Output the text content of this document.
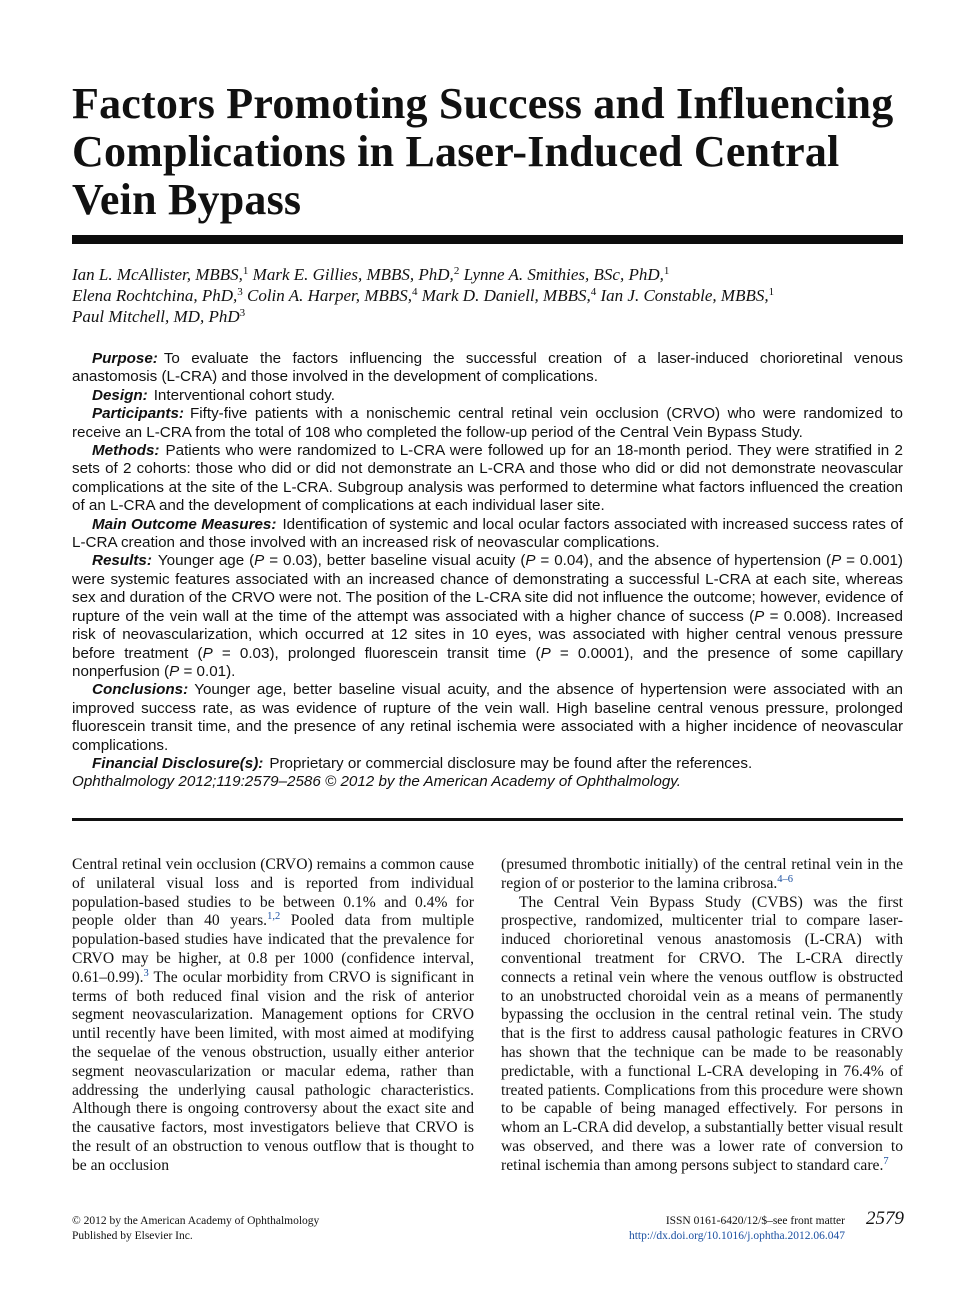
Factors Promoting Success and Influencing Complications in Laser-Induced Central Vein Bypass
Ian L. McAllister, MBBS,$^1$ Mark E. Gillies, MBBS, PhD,$^2$ Lynne A. Smithies, BSc, PhD,$^1$
Elena Rochtchina, PhD,$^3$ Colin A. Harper, MBBS,$^4$ Mark D. Daniell, MBBS,$^4$ Ian J. Constable, MBBS,$^1$
Paul Mitchell, MD, PhD$^3$

Purpose: To evaluate the factors influencing the successful creation of a laser-induced chorioretinal venous anastomosis (L-CRA) and those involved in the development of complications.

Design: Interventional cohort study.

Participants: Fifty-five patients with a nonischemic central retinal vein occlusion (CRVO) who were randomized to receive an L-CRA from the total of 108 who completed the follow-up period of the Central Vein Bypass Study.

Methods: Patients who were randomized to L-CRA were followed up for an 18-month period. They were stratified in 2 sets of 2 cohorts: those who did or did not demonstrate an L-CRA and those who did or did not demonstrate neovascular complications at the site of the L-CRA. Subgroup analysis was performed to determine what factors influenced the creation of an L-CRA and the development of complications at each individual laser site.

Main Outcome Measures: Identification of systemic and local ocular factors associated with increased success rates of L-CRA creation and those involved with an increased risk of neovascular complications.

Results: Younger age (P = 0.03), better baseline visual acuity (P = 0.04), and the absence of hypertension (P = 0.001) were systemic features associated with an increased chance of demonstrating a successful L-CRA at each site, whereas sex and duration of the CRVO were not. The position of the L-CRA site did not influence the outcome; however, evidence of rupture of the vein wall at the time of the attempt was associated with a higher chance of success (P = 0.008). Increased risk of neovascularization, which occurred at 12 sites in 10 eyes, was associated with higher central venous pressure before treatment (P = 0.03), prolonged fluorescein transit time (P = 0.0001), and the presence of some capillary nonperfusion (P = 0.01).

Conclusions: Younger age, better baseline visual acuity, and the absence of hypertension were associated with an improved success rate, as was evidence of rupture of the vein wall. High baseline central venous pressure, prolonged fluorescein transit time, and the presence of any retinal ischemia were associated with a higher incidence of neovascular complications.

Financial Disclosure(s): Proprietary or commercial disclosure may be found after the references.

Ophthalmology 2012;119:2579–2586 © 2012 by the American Academy of Ophthalmology.

Central retinal vein occlusion (CRVO) remains a common cause of unilateral visual loss and is reported from individual population-based studies to be between 0.1% and 0.4% for people older than 40 years.$^{1,2}$ Pooled data from multiple population-based studies have indicated that the prevalence for CRVO may be higher, at 0.8 per 1000 (confidence interval, 0.61–0.99).$^3$ The ocular morbidity from CRVO is significant in terms of both reduced final vision and the risk of anterior segment neovascularization. Management options for CRVO until recently have been limited, with most aimed at modifying the sequelae of the venous obstruction, usually either anterior segment neovascularization or macular edema, rather than addressing the underlying causal pathologic characteristics. Although there is ongoing controversy about the exact site and the causative factors, most investigators believe that CRVO is the result of an obstruction to venous outflow that is thought to be an occlusion

(presumed thrombotic initially) of the central retinal vein in the region of or posterior to the lamina cribrosa.$^{4-6}$

The Central Vein Bypass Study (CVBS) was the first prospective, randomized, multicenter trial to compare laser-induced chorioretinal venous anastomosis (L-CRA) with conventional treatment for CRVO. The L-CRA directly connects a retinal vein where the venous outflow is obstructed to an unobstructed choroidal vein as a means of permanently bypassing the occlusion in the central retinal vein. The study that is the first to address causal pathologic features in CRVO has shown that the technique can be made to be reasonably predictable, with a functional L-CRA developing in 76.4% of treated patients. Complications from this procedure were shown to be capable of being managed effectively. For persons in whom an L-CRA did develop, a substantially better visual result was observed, and there was a lower rate of conversion to retinal ischemia than among persons subject to standard care.$^7$

© 2012 by the American Academy of Ophthalmology
Published by Elsevier Inc.
ISSN 0161-6420/12/$–see front matter
http://dx.doi.org/10.1016/j.ophtha.2012.06.047
2579
